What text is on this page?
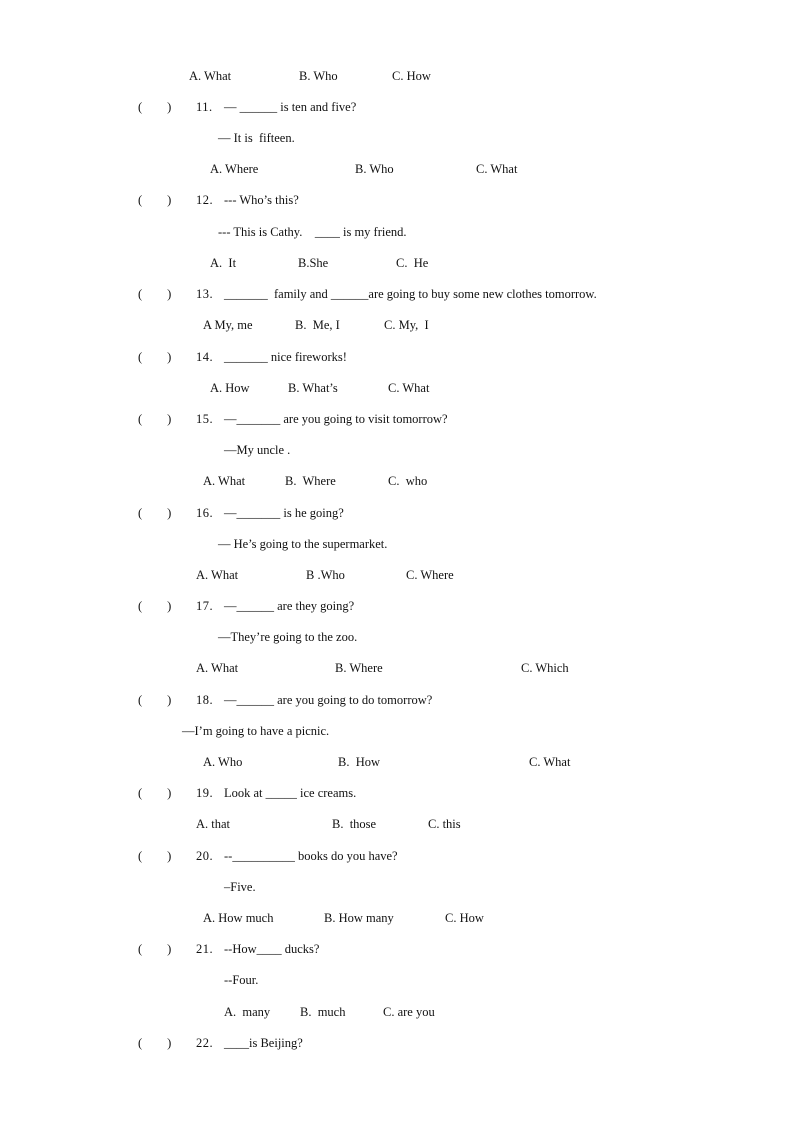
A. What	B. Who	C. How
(　　) 11. — ______ is ten and five?
— It is  fifteen.
A. Where	B. Who	C. What
(　　) 12. --- Who’s this?
--- This is Cathy.    ____ is my friend.
A.  It	B.She	C.  He
(　　) 13. _______  family and ______are going to buy some new clothes tomorrow.
A My, me	B.  Me, I	C. My,  I
(　　) 14. _______ nice fireworks!
A. How	B. What’s	C. What
(　　) 15. —_______ are you going to visit tomorrow?
—My uncle .
A. What	B.  Where	C.  who
(　　) 16. —_______ is he going?
— He’s going to the supermarket.
A. What	B .Who	C. Where
(　　) 17. —______ are they going?
—They’re going to the zoo.
A. What	B. Where	C. Which
(　　) 18. —______ are you going to do tomorrow?
—I’m going to have a picnic.
A. Who	B.  How	C. What
(　　) 19. Look at _____ ice creams.
A. that	B.  those	C. this
(　　) 20. --__________ books do you have?
–Five.
A. How much	B. How many	C. How
(　　) 21. --How____ ducks?
--Four.
A.  many B.  much	C. are you
(　　) 22. ____is Beijing?
